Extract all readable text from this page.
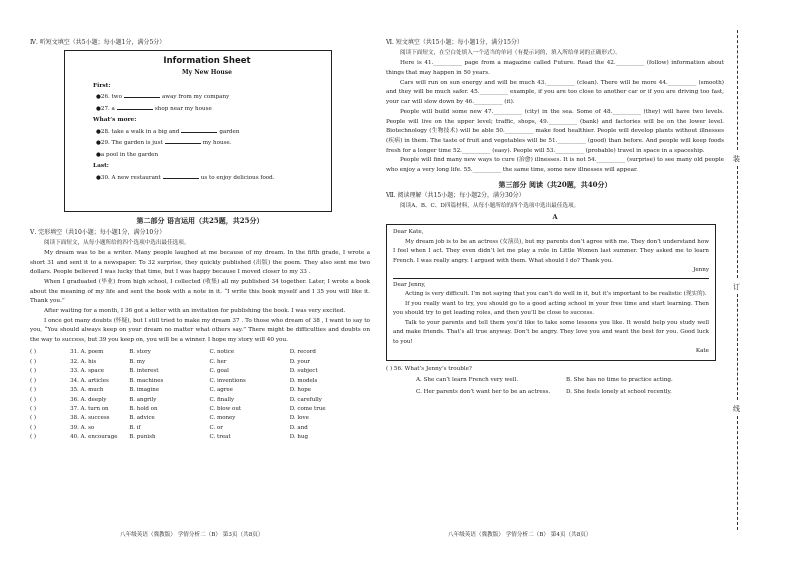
Ⅳ. 听短文填空（共5小题；每小题1分，满分5分）
Information Sheet
My New House
First:
●26. two	away from my company
●27. a	shop near my house
What’s more:
●28. take a walk in a big and	garden
●29. The garden is just	my house.
●a pool in the garden
Last:
●30. A new restaurant	us to enjoy delicious food.
第二部分 语言运用（共25题，共25分）
Ⅴ. 完形填空（共10小题；每小题1分，满分10分）
阅读下面短文，从每小题所给的四个选项中选出最佳选项。

My dream was to be a writer. Many people laughed at me because of my dream. In the fifth grade, I wrote a short 31 and sent it to a newspaper. To 32 surprise, they quickly published (出版) the poem. They also sent me two dollars. People believed I was lucky that time, but I was happy because I moved closer to my 33 .

When I graduated (毕业) from high school, I collected (收集) all my published 34 together. Later, I wrote a book about the meaning of my life and sent the book with a note in it. “I write this book myself and I 35 you will like it. Thank you.”

After waiting for a month, I 36 got a letter with an invitation for publishing the book. I was very excited.

I once got many doubts (怀疑), but I still tried to make my dream 37 . To those who dream of 38 , I want to say to you, “You should always keep on your dream no matter what others say.” There might be difficulties and doubts on the way to success, but 39 you keep on, you will be a winner. I hope my story will 40 you.

( )	31. A. poem	B. story	C. notice	D. record
( )	32. A. his	B. my	C. her	D. your
( )	33. A. space	B. interest	C. goal	D. subject
( )	34. A. articles	B. machines	C. inventions	D. models
( )	35. A. much	B. imagine	C. agree	D. hope
( )	36. A. deeply	B. angrily	C. finally	D. carefully
( )	37. A. turn on	B. hold on	C. blow out	D. come true
( )	38. A. success	B. advice	C. money	D. love
( )	39. A. so	B. if	C. or	D. and
( )	40. A. encourage	B. punish	C. treat	D. hug
八年级英语（冀教版） 学情分析二（B） 第3页（共8页）
Ⅵ. 短文填空（共15小题；每小题1分，满分15分）
阅读下面短文，在空白处填入一个适当的单词（有提示词的，填入所给单词的正确形式）。

Here is 41.__________ page from a magazine called Future. Read the 42.__________ (follow) information about things that may happen in 50 years.

Cars will run on sun energy and will be much 43.__________ (clean). There will be more 44.__________ (smooth) and they will be much safer. 45.__________ example, if you are too close to another car or if you are driving too fast, your car will slow down by 46.__________ (it).

People will build some new 47.__________ (city) in the sea. Some of 48.__________ (they) will have two levels. People will live on the upper level; traffic, shops, 49.__________ (bank) and factories will be on the lower level. Biotechnology (生物技术) will be able 50.__________ make food healthier. People will develop plants without illnesses (疾病) in them. The taste of fruit and vegetables will be 51.__________ (good) than before. And people will keep foods fresh for a longer time 52.__________ (easy). People will 53.__________ (probable) travel in space in a spaceship.

People will find many new ways to cure (治愈) illnesses. It is not 54.__________ (surprise) to see many old people who enjoy a very long life. 55.__________ the same time, some new illnesses will appear.

第三部分 阅读（共20题，共40分）
Ⅶ. 阅读理解（共15小题；每小题2分，满分30分）
阅读A、B、C、D四篇材料，从每小题所给的四个选项中选出最佳选项。
A

Dear Kate,

My dream job is to be an actress (女演员), but my parents don’t agree with me. They don’t understand how I feel when I act. They even didn’t let me play a role in Little Women last summer. They asked me to learn French. I was really angry. I argued with them. What should I do? Thank you.

Jenny

Dear Jenny,

Acting is very difficult. I’m not saying that you can’t do well in it, but it’s important to be realistic (现实的).

If you really want to try, you should go to a good acting school in your free time and start learning. Then you should try to get leading roles, and then you’ll be close to success.

Talk to your parents and tell them you’d like to take some lessons you like. It would help you study well and make friends. That’s all true anyway. Don’t be angry. They love you and want the best for you. Good luck to you!

Kate

( ) 56. What’s Jenny’s trouble?
A. She can’t learn French very well.	B. She has no time to practice acting.
C. Her parents don’t want her to be an actress.	D. She feels lonely at school recently.
八年级英语（冀教版） 学情分析二（B） 第4页（共8页）
装
订
线
